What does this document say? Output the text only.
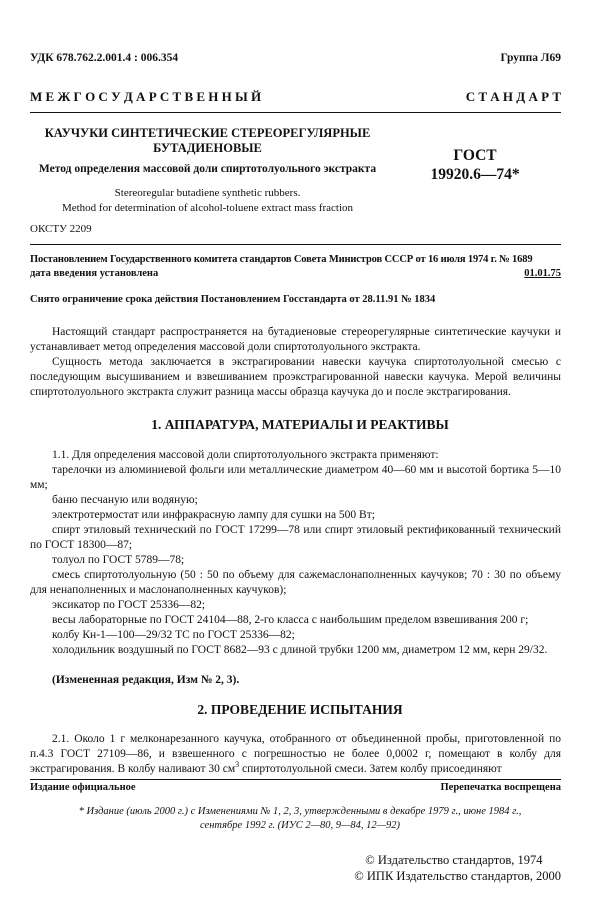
УДК 678.762.2.001.4 : 006.354	Группа Л69
М Е Ж Г О С У Д А Р С Т В Е Н Н Ы Й	С Т А Н Д А Р Т
КАУЧУКИ СИНТЕТИЧЕСКИЕ СТЕРЕОРЕГУЛЯРНЫЕ
БУТАДИЕНОВЫЕ
Метод определения массовой доли спиртотолуольного экстракта
ГОСТ
19920.6—74*
Stereoregular butadiene synthetic rubbers.
Method for determination of alcohol-toluene extract mass fraction
ОКСТУ 2209
Постановлением Государственного комитета стандартов Совета Министров СССР от 16 июля 1974 г. № 1689
дата введения установлена	01.01.75
Снято ограничение срока действия Постановлением Госстандарта от 28.11.91 № 1834
Настоящий стандарт распространяется на бутадиеновые стереорегулярные синтетические каучуки и устанавливает метод определения массовой доли спиртотолуольного экстракта.
Сущность метода заключается в экстрагировании навески каучука спиртотолуольной смесью с последующим высушиванием и взвешиванием проэкстрагированной навески каучука. Мерой величины спиртотолуольного экстракта служит разница массы образца каучука до и после экстрагирования.
1. АППАРАТУРА, МАТЕРИАЛЫ И РЕАКТИВЫ
1.1. Для определения массовой доли спиртотолуольного экстракта применяют:
тарелочки из алюминиевой фольги или металлические диаметром 40—60 мм и высотой бортика 5—10 мм;
баню песчаную или водяную;
электротермостат или инфракрасную лампу для сушки на 500 Вт;
спирт этиловый технический по ГОСТ 17299—78 или спирт этиловый ректификованный технический по ГОСТ 18300—87;
толуол по ГОСТ 5789—78;
смесь спиртотолуольную (50 : 50 по объему для сажемаслонаполненных каучуков; 70 : 30 по объему для ненаполненных и маслонаполненных каучуков);
эксикатор по ГОСТ 25336—82;
весы лабораторные по ГОСТ 24104—88, 2-го класса с наибольшим пределом взвешивания 200 г;
колбу Кн-1—100—29/32 ТС по ГОСТ 25336—82;
холодильник воздушный по ГОСТ 8682—93 с длиной трубки 1200 мм, диаметром 12 мм, керн 29/32.
(Измененная редакция, Изм № 2, 3).
2. ПРОВЕДЕНИЕ ИСПЫТАНИЯ
2.1. Около 1 г мелконарезанного каучука, отобранного от объединенной пробы, приготовленной по п.4.3 ГОСТ 27109—86, и взвешенного с погрешностью не более 0,0002 г, помещают в колбу для экстрагирования. В колбу наливают 30 $см^3$ спиртотолуольной смеси. Затем колбу присоединяют
Издание официальное	Перепечатка воспрещена
* Издание (июль 2000 г.) с Изменениями № 1, 2, 3, утвержденными в декабре 1979 г., июне 1984 г.,
сентябре 1992 г. (ИУС 2—80, 9—84, 12—92)
© Издательство стандартов, 1974
© ИПК Издательство стандартов, 2000
